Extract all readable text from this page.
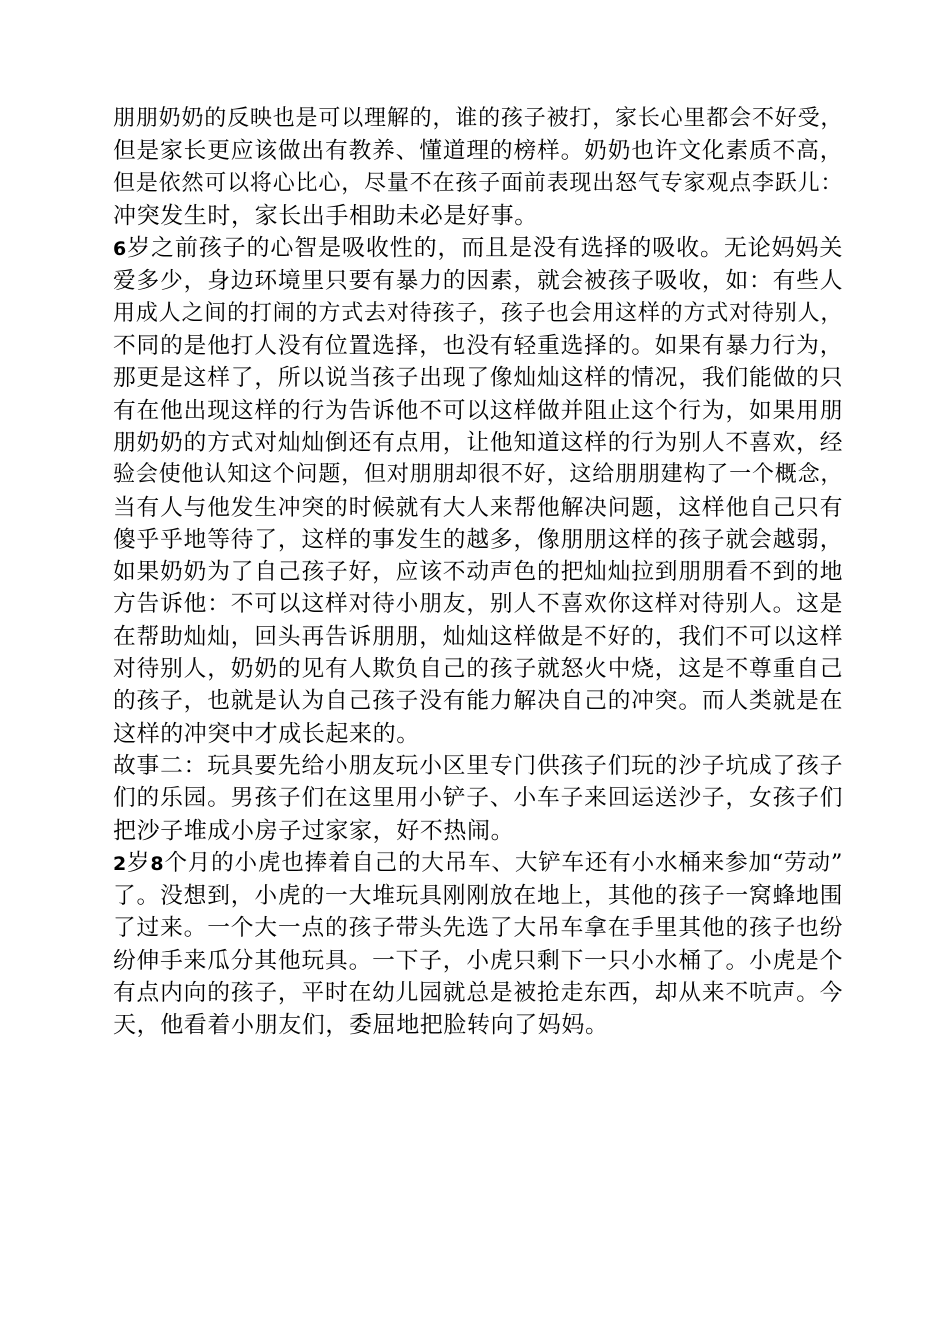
朋朋奶奶的反映也是可以理解的，谁的孩子被打，家长心里都会不好受，
但是家长更应该做出有教养、懂道理的榜样。奶奶也许文化素质不高，
但是依然可以将心比心，尽量不在孩子面前表现出怒气专家观点李跃儿：
冲突发生时，家长出手相助未必是好事。
6岁之前孩子的心智是吸收性的，而且是没有选择的吸收。无论妈妈关
爱多少，身边环境里只要有暴力的因素，就会被孩子吸收，如：有些人
用成人之间的打闹的方式去对待孩子，孩子也会用这样的方式对待别人，
不同的是他打人没有位置选择，也没有轻重选择的。如果有暴力行为，
那更是这样了，所以说当孩子出现了像灿灿这样的情况，我们能做的只
有在他出现这样的行为告诉他不可以这样做并阻止这个行为，如果用朋
朋奶奶的方式对灿灿倒还有点用，让他知道这样的行为别人不喜欢，经
验会使他认知这个问题，但对朋朋却很不好，这给朋朋建构了一个概念，
当有人与他发生冲突的时候就有大人来帮他解决问题，这样他自己只有
傻乎乎地等待了，这样的事发生的越多，像朋朋这样的孩子就会越弱，
如果奶奶为了自己孩子好，应该不动声色的把灿灿拉到朋朋看不到的地
方告诉他：不可以这样对待小朋友，别人不喜欢你这样对待别人。这是
在帮助灿灿，回头再告诉朋朋，灿灿这样做是不好的，我们不可以这样
对待别人，奶奶的见有人欺负自己的孩子就怒火中烧，这是不尊重自己
的孩子，也就是认为自己孩子没有能力解决自己的冲突。而人类就是在
这样的冲突中才成长起来的。
故事二：玩具要先给小朋友玩小区里专门供孩子们玩的沙子坑成了孩子
们的乐园。男孩子们在这里用小铲子、小车子来回运送沙子，女孩子们
把沙子堆成小房子过家家，好不热闹。
2岁8个月的小虎也捧着自己的大吊车、大铲车还有小水桶来参加“劳动”
了。没想到，小虎的一大堆玩具刚刚放在地上，其他的孩子一窝蜂地围
了过来。一个大一点的孩子带头先选了大吊车拿在手里其他的孩子也纷
纷伸手来瓜分其他玩具。一下子，小虎只剩下一只小水桶了。小虎是个
有点内向的孩子，平时在幼儿园就总是被抢走东西，却从来不吭声。今
天，他看着小朋友们，委屈地把脸转向了妈妈。
